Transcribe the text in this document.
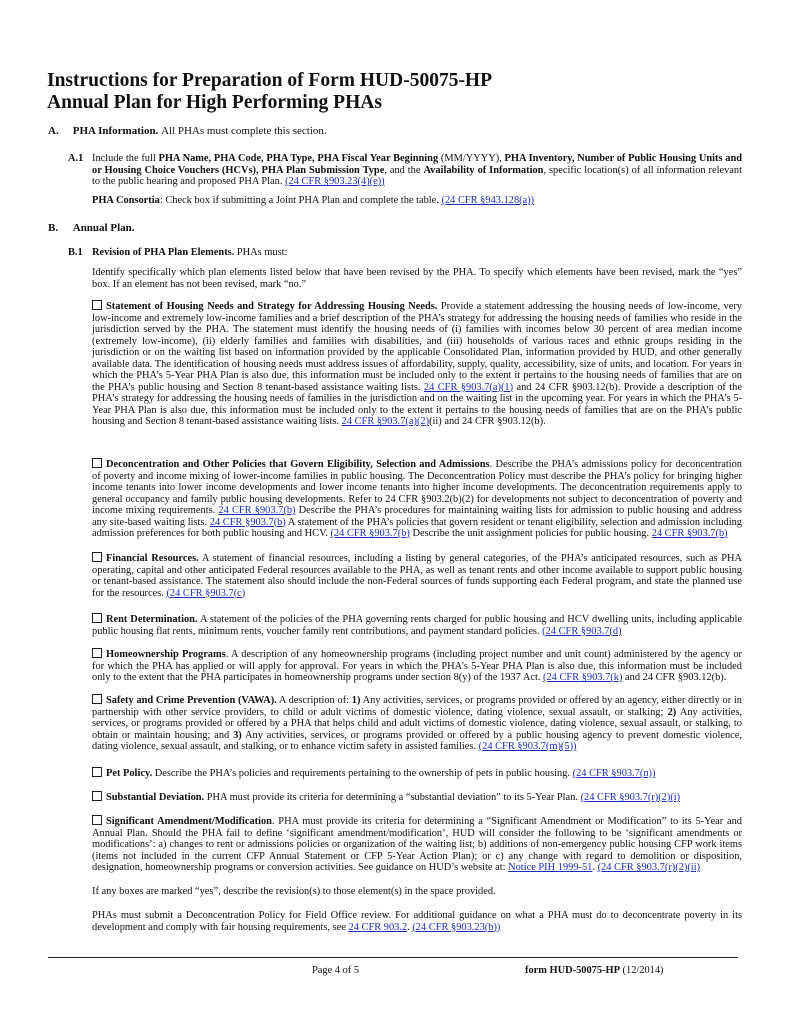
Instructions for Preparation of Form HUD-50075-HP
Annual Plan for High Performing PHAs
A. PHA Information. All PHAs must complete this section.
A.1 Include the full PHA Name, PHA Code, PHA Type, PHA Fiscal Year Beginning (MM/YYYY), PHA Inventory, Number of Public Housing Units and or Housing Choice Vouchers (HCVs), PHA Plan Submission Type, and the Availability of Information, specific location(s) of all information relevant to the public hearing and proposed PHA Plan. (24 CFR §903.23(4)(e))
PHA Consortia: Check box if submitting a Joint PHA Plan and complete the table. (24 CFR §943.128(a))
B. Annual Plan.
B.1 Revision of PHA Plan Elements. PHAs must:
Identify specifically which plan elements listed below that have been revised by the PHA. To specify which elements have been revised, mark the “yes” box. If an element has not been revised, mark “no.”
Statement of Housing Needs and Strategy for Addressing Housing Needs. Provide a statement addressing the housing needs of low-income, very low-income and extremely low-income families and a brief description of the PHA’s strategy for addressing the housing needs of families who reside in the jurisdiction served by the PHA. The statement must identify the housing needs of (i) families with incomes below 30 percent of area median income (extremely low-income), (ii) elderly families and families with disabilities, and (iii) households of various races and ethnic groups residing in the jurisdiction or on the waiting list based on information provided by the applicable Consolidated Plan, information provided by HUD, and other generally available data. The identification of housing needs must address issues of affordability, supply, quality, accessibility, size of units, and location. For years in which the PHA’s 5-Year PHA Plan is also due, this information must be included only to the extent it pertains to the housing needs of families that are on the PHA’s public housing and Section 8 tenant-based assistance waiting lists. 24 CFR §903.7(a)(1) and 24 CFR §903.12(b). Provide a description of the PHA’s strategy for addressing the housing needs of families in the jurisdiction and on the waiting list in the upcoming year. For years in which the PHA’s 5-Year PHA Plan is also due, this information must be included only to the extent it pertains to the housing needs of families that are on the PHA’s public housing and Section 8 tenant-based assistance waiting lists. 24 CFR §903.7(a)(2)(ii) and 24 CFR §903.12(b).
Deconcentration and Other Policies that Govern Eligibility, Selection and Admissions. Describe the PHA’s admissions policy for deconcentration of poverty and income mixing of lower-income families in public housing. The Deconcentration Policy must describe the PHA’s policy for bringing higher income tenants into lower income developments and lower income tenants into higher income developments. The deconcentration requirements apply to general occupancy and family public housing developments. Refer to 24 CFR §903.2(b)(2) for developments not subject to deconcentration of poverty and income mixing requirements. 24 CFR §903.7(b) Describe the PHA’s procedures for maintaining waiting lists for admission to public housing and address any site-based waiting lists. 24 CFR §903.7(b) A statement of the PHA’s policies that govern resident or tenant eligibility, selection and admission including admission preferences for both public housing and HCV. (24 CFR §903.7(b) Describe the unit assignment policies for public housing. 24 CFR §903.7(b)
Financial Resources. A statement of financial resources, including a listing by general categories, of the PHA’s anticipated resources, such as PHA operating, capital and other anticipated Federal resources available to the PHA, as well as tenant rents and other income available to support public housing or tenant-based assistance. The statement also should include the non-Federal sources of funds supporting each Federal program, and state the planned use for the resources. (24 CFR §903.7(c)
Rent Determination. A statement of the policies of the PHA governing rents charged for public housing and HCV dwelling units, including applicable public housing flat rents, minimum rents, voucher family rent contributions, and payment standard policies. (24 CFR §903.7(d)
Homeownership Programs. A description of any homeownership programs (including project number and unit count) administered by the agency or for which the PHA has applied or will apply for approval. For years in which the PHA’s 5-Year PHA Plan is also due, this information must be included only to the extent that the PHA participates in homeownership programs under section 8(y) of the 1937 Act. (24 CFR §903.7(k) and 24 CFR §903.12(b).
Safety and Crime Prevention (VAWA). A description of: 1) Any activities, services, or programs provided or offered by an agency, either directly or in partnership with other service providers, to child or adult victims of domestic violence, dating violence, sexual assault, or stalking; 2) Any activities, services, or programs provided or offered by a PHA that helps child and adult victims of domestic violence, dating violence, sexual assault, or stalking, to obtain or maintain housing; and 3) Any activities, services, or programs provided or offered by a public housing agency to prevent domestic violence, dating violence, sexual assault, and stalking, or to enhance victim safety in assisted families. (24 CFR §903.7(m)(5))
Pet Policy. Describe the PHA’s policies and requirements pertaining to the ownership of pets in public housing. (24 CFR §903.7(n))
Substantial Deviation. PHA must provide its criteria for determining a “substantial deviation” to its 5-Year Plan. (24 CFR §903.7(r)(2)(i)
Significant Amendment/Modification. PHA must provide its criteria for determining a “Significant Amendment or Modification” to its 5-Year and Annual Plan. Should the PHA fail to define ‘significant amendment/modification’, HUD will consider the following to be ‘significant amendments or modifications’: a) changes to rent or admissions policies or organization of the waiting list; b) additions of non-emergency public housing CFP work items (items not included in the current CFP Annual Statement or CFP 5-Year Action Plan); or c) any change with regard to demolition or disposition, designation, homeownership programs or conversion activities. See guidance on HUD’s website at: Notice PIH 1999-51. (24 CFR §903.7(r)(2)(ii)
If any boxes are marked “yes”, describe the revision(s) to those element(s) in the space provided.
PHAs must submit a Deconcentration Policy for Field Office review. For additional guidance on what a PHA must do to deconcentrate poverty in its development and comply with fair housing requirements, see 24 CFR 903.2. (24 CFR §903.23(b))
Page 4 of 5	form HUD-50075-HP (12/2014)
